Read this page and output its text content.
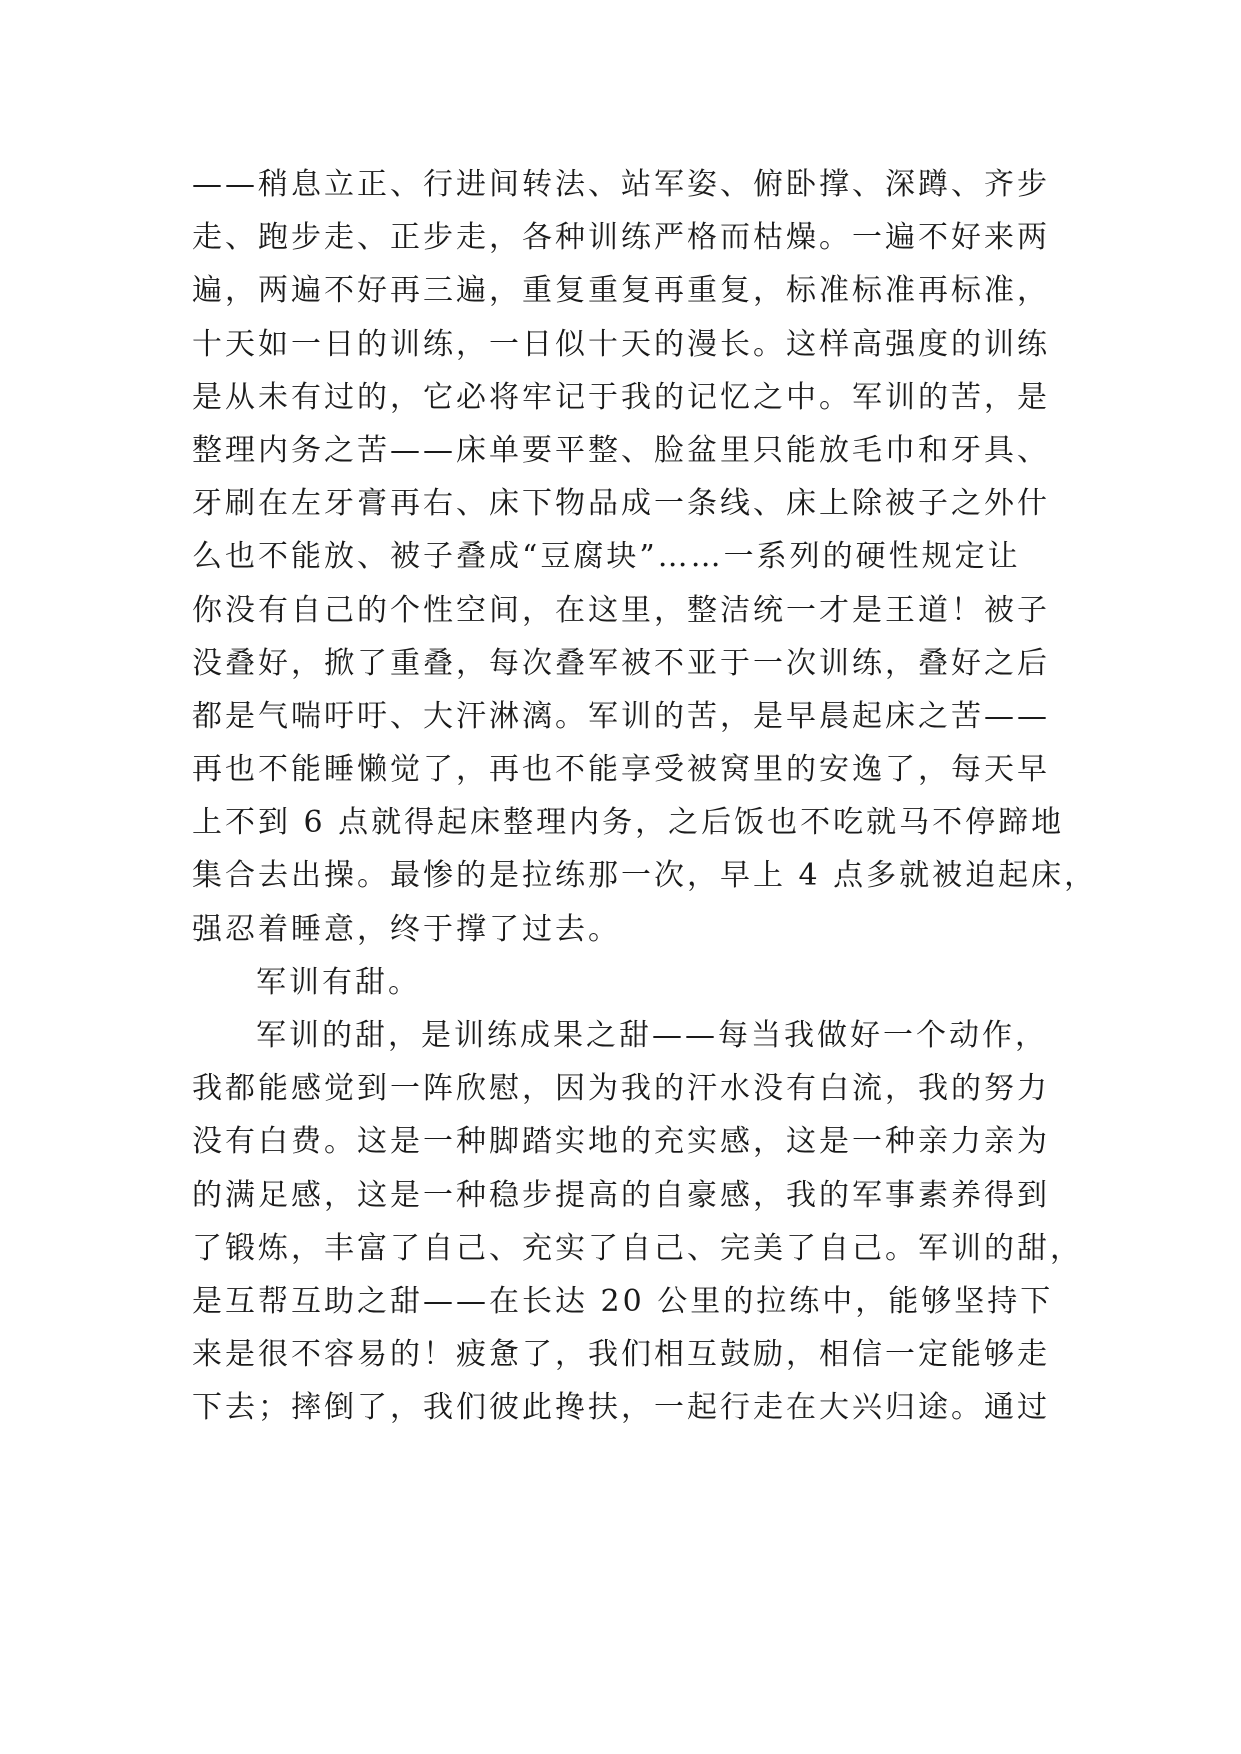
——稍息立正、行进间转法、站军姿、俯卧撑、深蹲、齐步
走、跑步走、正步走，各种训练严格而枯燥。一遍不好来两
遍，两遍不好再三遍，重复重复再重复，标准标准再标准，
十天如一日的训练，一日似十天的漫长。这样高强度的训练
是从未有过的，它必将牢记于我的记忆之中。军训的苦，是
整理内务之苦——床单要平整、脸盆里只能放毛巾和牙具、
牙刷在左牙膏再右、床下物品成一条线、床上除被子之外什
么也不能放、被子叠成“豆腐块”……一系列的硬性规定让
你没有自己的个性空间，在这里，整洁统一才是王道！被子
没叠好，掀了重叠，每次叠军被不亚于一次训练，叠好之后
都是气喘吁吁、大汗淋漓。军训的苦，是早晨起床之苦——
再也不能睡懒觉了，再也不能享受被窝里的安逸了，每天早
上不到 6 点就得起床整理内务，之后饭也不吃就马不停蹄地
集合去出操。最惨的是拉练那一次，早上 4 点多就被迫起床，
强忍着睡意，终于撑了过去。
军训有甜。
军训的甜，是训练成果之甜——每当我做好一个动作，
我都能感觉到一阵欣慰，因为我的汗水没有白流，我的努力
没有白费。这是一种脚踏实地的充实感，这是一种亲力亲为
的满足感，这是一种稳步提高的自豪感，我的军事素养得到
了锻炼，丰富了自己、充实了自己、完美了自己。军训的甜，
是互帮互助之甜——在长达 20 公里的拉练中，能够坚持下
来是很不容易的！疲惫了，我们相互鼓励，相信一定能够走
下去；摔倒了，我们彼此搀扶，一起行走在大兴归途。通过
